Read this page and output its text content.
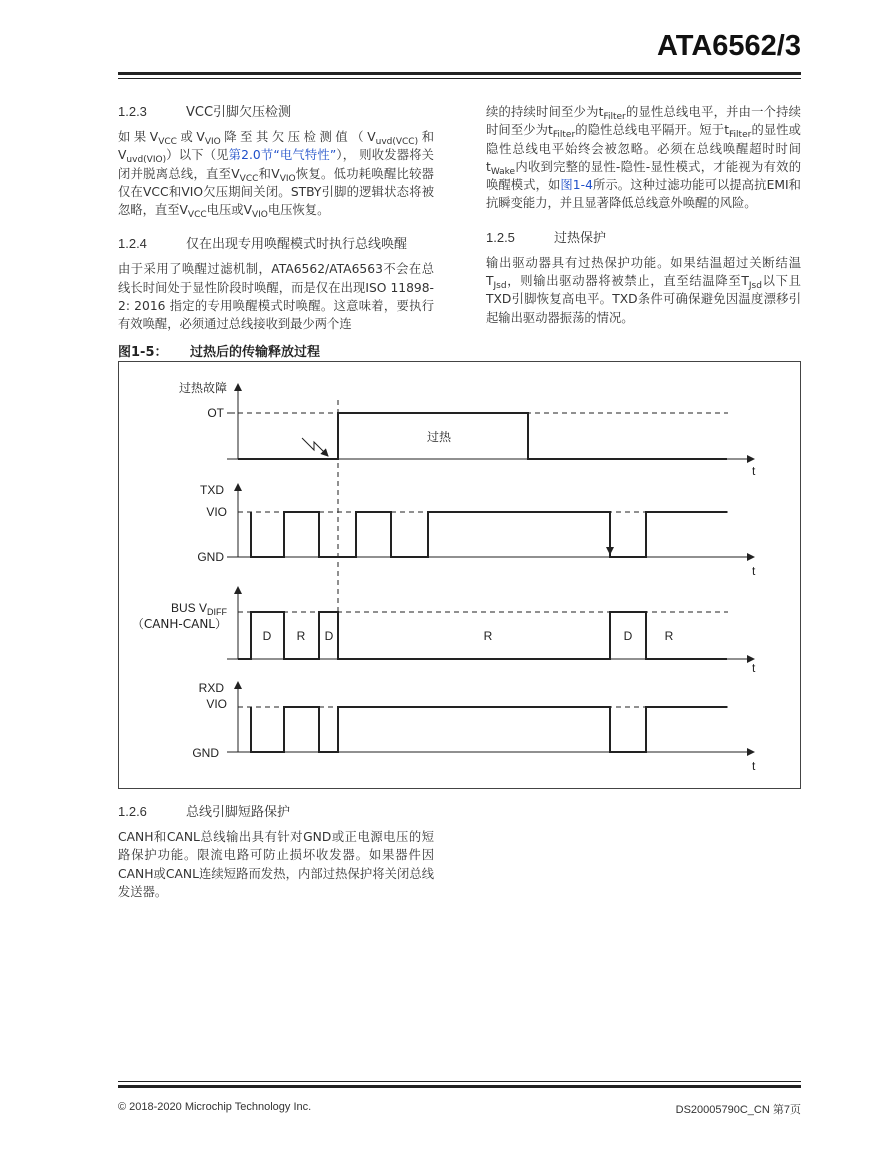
ATA6562/3
1.2.3	VCC引脚欠压检测

如果$V_{VCC}$或$V_{VIO}$降至其欠压检测值（$V_{uvd(VCC)}$和$V_{uvd(VIO)}$）以下（见第2.0节“电气特性”）， 则收发器将关闭并脱离总线，直至$V_{VCC}$和$V_{VIO}$恢复。低功耗唤醒比较器仅在VCC和VIO欠压期间关闭。STBY引脚的逻辑状态将被忽略，直至$V_{VCC}$电压或$V_{VIO}$电压恢复。

1.2.4	仅在出现专用唤醒模式时执行总线唤醒

由于采用了唤醒过滤机制，ATA6562/ATA6563不会在总线长时间处于显性阶段时唤醒，而是仅在出现ISO 11898-2: 2016 指定的专用唤醒模式时唤醒。这意味着，要执行有效唤醒，必须通过总线接收到最少两个连

续的持续时间至少为$t_{Filter}$的显性总线电平，并由一个持续时间至少为$t_{Filter}$的隐性总线电平隔开。短于$t_{Filter}$的显性或隐性总线电平始终会被忽略。必须在总线唤醒超时时间$t_{Wake}$内收到完整的显性-隐性-显性模式，才能视为有效的唤醒模式，如图1-4所示。这种过滤功能可以提高抗EMI和抗瞬变能力，并且显著降低总线意外唤醒的风险。

1.2.5	过热保护

输出驱动器具有过热保护功能。如果结温超过关断结温$T_{Jsd}$，则输出驱动器将被禁止，直至结温降至$T_{Jsd}$以下且TXD引脚恢复高电平。TXD条件可确保避免因温度漂移引起输出驱动器振荡的情况。

图1-5： 过热后的传输释放过程
过热故障
OT
过热
t
TXD
VIO
GND
t
BUS $V_{DIFF}$
（CANH-CANL）
D R D	R	D	R
t
RXD
VIO
GND
t
1.2.6	总线引脚短路保护

CANH和CANL总线输出具有针对GND或正电源电压的短路保护功能。限流电路可防止损坏收发器。如果器件因CANH或CANL连续短路而发热，内部过热保护将关闭总线发送器。

© 2018-2020 Microchip Technology Inc.	DS20005790C_CN 第7页
